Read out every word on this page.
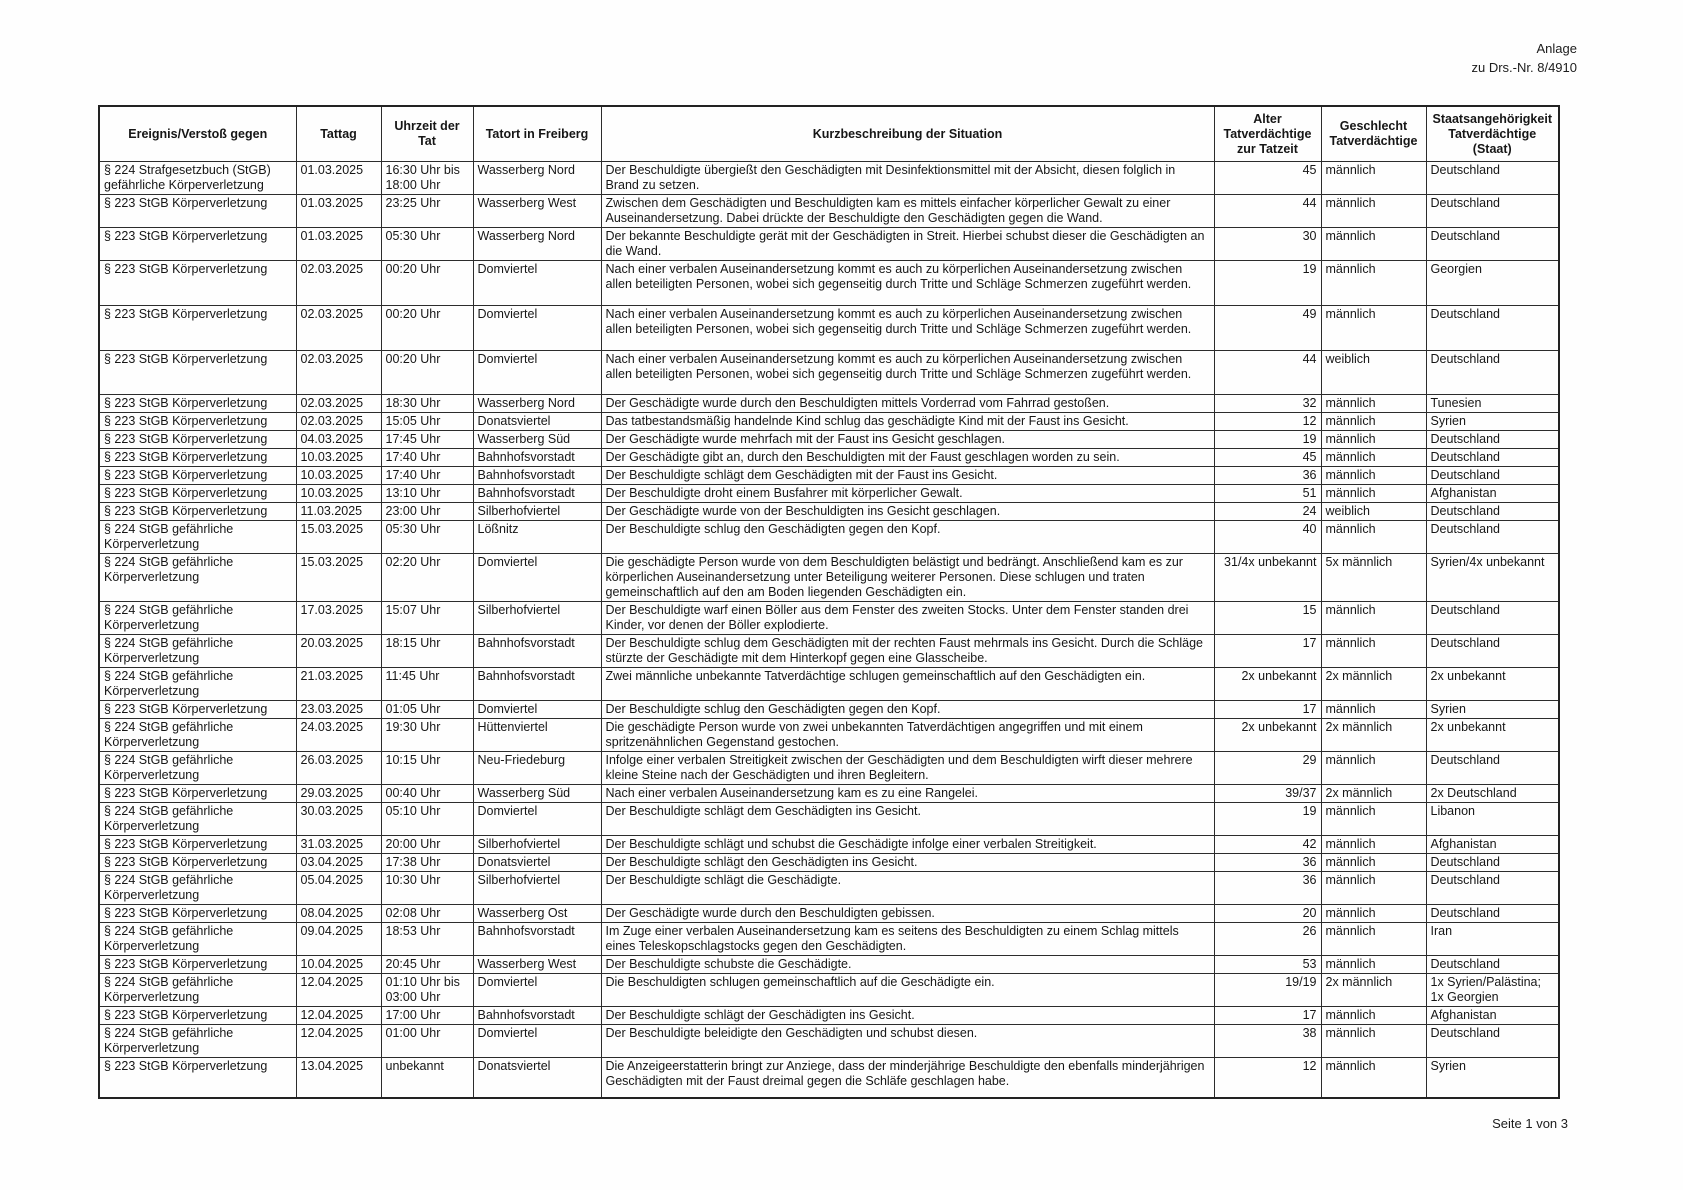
Anlage
zu Drs.-Nr. 8/4910
Ereignis/Verstoß gegen	Tattag	Uhrzeit der Tat	Tatort in Freiberg	Kurzbeschreibung der Situation	Alter Tatverdächtige zur Tatzeit	Geschlecht Tatverdächtige	Staatsangehörigkeit Tatverdächtige (Staat)
§ 224 Strafgesetzbuch (StGB) gefährliche Körperverletzung	01.03.2025	16:30 Uhr bis 18:00 Uhr	Wasserberg Nord	Der Beschuldigte übergießt den Geschädigten mit Desinfektionsmittel mit der Absicht, diesen folglich in Brand zu setzen.	45	männlich	Deutschland
§ 223 StGB Körperverletzung	01.03.2025	23:25 Uhr	Wasserberg West	Zwischen dem Geschädigten und Beschuldigten kam es mittels einfacher körperlicher Gewalt zu einer Auseinandersetzung. Dabei drückte der Beschuldigte den Geschädigten gegen die Wand.	44	männlich	Deutschland
§ 223 StGB Körperverletzung	01.03.2025	05:30 Uhr	Wasserberg Nord	Der bekannte Beschuldigte gerät mit der Geschädigten in Streit. Hierbei schubst dieser die Geschädigten an die Wand.	30	männlich	Deutschland
§ 223 StGB Körperverletzung	02.03.2025	00:20 Uhr	Domviertel	Nach einer verbalen Auseinandersetzung kommt es auch zu körperlichen Auseinandersetzung zwischen allen beteiligten Personen, wobei sich gegenseitig durch Tritte und Schläge Schmerzen zugeführt werden.	19	männlich	Georgien
§ 223 StGB Körperverletzung	02.03.2025	00:20 Uhr	Domviertel	Nach einer verbalen Auseinandersetzung kommt es auch zu körperlichen Auseinandersetzung zwischen allen beteiligten Personen, wobei sich gegenseitig durch Tritte und Schläge Schmerzen zugeführt werden.	49	männlich	Deutschland
§ 223 StGB Körperverletzung	02.03.2025	00:20 Uhr	Domviertel	Nach einer verbalen Auseinandersetzung kommt es auch zu körperlichen Auseinandersetzung zwischen allen beteiligten Personen, wobei sich gegenseitig durch Tritte und Schläge Schmerzen zugeführt werden.	44	weiblich	Deutschland
§ 223 StGB Körperverletzung	02.03.2025	18:30 Uhr	Wasserberg Nord	Der Geschädigte wurde durch den Beschuldigten mittels Vorderrad vom Fahrrad gestoßen.	32	männlich	Tunesien
§ 223 StGB Körperverletzung	02.03.2025	15:05 Uhr	Donatsviertel	Das tatbestandsmäßig handelnde Kind schlug das geschädigte Kind mit der Faust ins Gesicht.	12	männlich	Syrien
§ 223 StGB Körperverletzung	04.03.2025	17:45 Uhr	Wasserberg Süd	Der Geschädigte wurde mehrfach mit der Faust ins Gesicht geschlagen.	19	männlich	Deutschland
§ 223 StGB Körperverletzung	10.03.2025	17:40 Uhr	Bahnhofsvorstadt	Der Geschädigte gibt an, durch den Beschuldigten mit der Faust geschlagen worden zu sein.	45	männlich	Deutschland
§ 223 StGB Körperverletzung	10.03.2025	17:40 Uhr	Bahnhofsvorstadt	Der Beschuldigte schlägt dem Geschädigten mit der Faust ins Gesicht.	36	männlich	Deutschland
§ 223 StGB Körperverletzung	10.03.2025	13:10 Uhr	Bahnhofsvorstadt	Der Beschuldigte droht einem Busfahrer mit körperlicher Gewalt.	51	männlich	Afghanistan
§ 223 StGB Körperverletzung	11.03.2025	23:00 Uhr	Silberhofviertel	Der Geschädigte wurde von der Beschuldigten ins Gesicht geschlagen.	24	weiblich	Deutschland
§ 224 StGB gefährliche Körperverletzung	15.03.2025	05:30 Uhr	Lößnitz	Der Beschuldigte schlug den Geschädigten gegen den Kopf.	40	männlich	Deutschland
§ 224 StGB gefährliche Körperverletzung	15.03.2025	02:20 Uhr	Domviertel	Die geschädigte Person wurde von dem Beschuldigten belästigt und bedrängt. Anschließend kam es zur körperlichen Auseinandersetzung unter Beteiligung weiterer Personen. Diese schlugen und traten gemeinschaftlich auf den am Boden liegenden Geschädigten ein.	31/4x unbekannt	5x männlich	Syrien/4x unbekannt
§ 224 StGB gefährliche Körperverletzung	17.03.2025	15:07 Uhr	Silberhofviertel	Der Beschuldigte warf einen Böller aus dem Fenster des zweiten Stocks. Unter dem Fenster standen drei Kinder, vor denen der Böller explodierte.	15	männlich	Deutschland
§ 224 StGB gefährliche Körperverletzung	20.03.2025	18:15 Uhr	Bahnhofsvorstadt	Der Beschuldigte schlug dem Geschädigten mit der rechten Faust mehrmals ins Gesicht. Durch die Schläge stürzte der Geschädigte mit dem Hinterkopf gegen eine Glasscheibe.	17	männlich	Deutschland
§ 224 StGB gefährliche Körperverletzung	21.03.2025	11:45 Uhr	Bahnhofsvorstadt	Zwei männliche unbekannte Tatverdächtige schlugen gemeinschaftlich auf den Geschädigten ein.	2x unbekannt	2x männlich	2x unbekannt
§ 223 StGB Körperverletzung	23.03.2025	01:05 Uhr	Domviertel	Der Beschuldigte schlug den Geschädigten gegen den Kopf.	17	männlich	Syrien
§ 224 StGB gefährliche Körperverletzung	24.03.2025	19:30 Uhr	Hüttenviertel	Die geschädigte Person wurde von zwei unbekannten Tatverdächtigen angegriffen und mit einem spritzenähnlichen Gegenstand gestochen.	2x unbekannt	2x männlich	2x unbekannt
§ 224 StGB gefährliche Körperverletzung	26.03.2025	10:15 Uhr	Neu-Friedeburg	Infolge einer verbalen Streitigkeit zwischen der Geschädigten und dem Beschuldigten wirft dieser mehrere kleine Steine nach der Geschädigten und ihren Begleitern.	29	männlich	Deutschland
§ 223 StGB Körperverletzung	29.03.2025	00:40 Uhr	Wasserberg Süd	Nach einer verbalen Auseinandersetzung kam es zu eine Rangelei.	39/37	2x männlich	2x Deutschland
§ 224 StGB gefährliche Körperverletzung	30.03.2025	05:10 Uhr	Domviertel	Der Beschuldigte schlägt dem Geschädigten ins Gesicht.	19	männlich	Libanon
§ 223 StGB Körperverletzung	31.03.2025	20:00 Uhr	Silberhofviertel	Der Beschuldigte schlägt und schubst die Geschädigte infolge einer verbalen Streitigkeit.	42	männlich	Afghanistan
§ 223 StGB Körperverletzung	03.04.2025	17:38 Uhr	Donatsviertel	Der Beschuldigte schlägt den Geschädigten ins Gesicht.	36	männlich	Deutschland
§ 224 StGB gefährliche Körperverletzung	05.04.2025	10:30 Uhr	Silberhofviertel	Der Beschuldigte schlägt die Geschädigte.	36	männlich	Deutschland
§ 223 StGB Körperverletzung	08.04.2025	02:08 Uhr	Wasserberg Ost	Der Geschädigte wurde durch den Beschuldigten gebissen.	20	männlich	Deutschland
§ 224 StGB gefährliche Körperverletzung	09.04.2025	18:53 Uhr	Bahnhofsvorstadt	Im Zuge einer verbalen Auseinandersetzung kam es seitens des Beschuldigten zu einem Schlag mittels eines Teleskopschlagstocks gegen den Geschädigten.	26	männlich	Iran
§ 223 StGB Körperverletzung	10.04.2025	20:45 Uhr	Wasserberg West	Der Beschuldigte schubste die Geschädigte.	53	männlich	Deutschland
§ 224 StGB gefährliche Körperverletzung	12.04.2025	01:10 Uhr bis 03:00 Uhr	Domviertel	Die Beschuldigten schlugen gemeinschaftlich auf die Geschädigte ein.	19/19	2x männlich	1x Syrien/Palästina; 1x Georgien
§ 223 StGB Körperverletzung	12.04.2025	17:00 Uhr	Bahnhofsvorstadt	Der Beschuldigte schlägt der Geschädigten ins Gesicht.	17	männlich	Afghanistan
§ 224 StGB gefährliche Körperverletzung	12.04.2025	01:00 Uhr	Domviertel	Der Beschuldigte beleidigte den Geschädigten und schubst diesen.	38	männlich	Deutschland
§ 223 StGB Körperverletzung	13.04.2025	unbekannt	Donatsviertel	Die Anzeigeerstatterin bringt zur Anziege, dass der minderjährige Beschuldigte den ebenfalls minderjährigen Geschädigten mit der Faust dreimal gegen die Schläfe geschlagen habe.	12	männlich	Syrien
Seite 1 von 3
